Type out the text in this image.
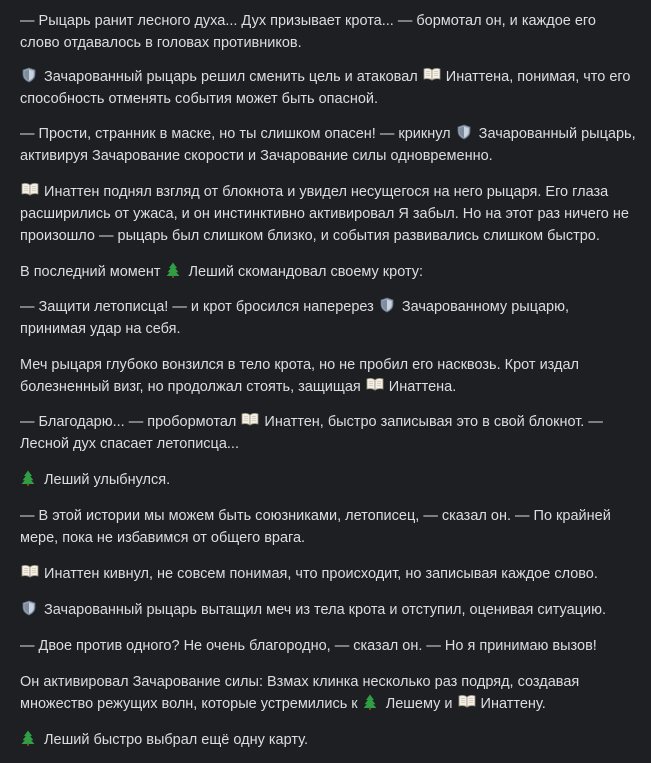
— Рыцарь ранит лесного духа... Дух призывает крота... — бормотал он, и каждое его слово отдавалось в головах противников.

Зачарованный рыцарь решил сменить цель и атаковал
Инаттена, понимая, что его способность отменять события может быть опасной.

— Прости, странник в маске, но ты слишком опасен! — крикнул
Зачарованный рыцарь, активируя Зачарование скорости и Зачарование силы одновременно.

Инаттен поднял взгляд от блокнота и увидел несущегося на него рыцаря. Его глаза расширились от ужаса, и он инстинктивно активировал Я забыл. Но на этот раз ничего не произошло — рыцарь был слишком близко, и события развивались слишком быстро.

В последний момент
Леший скомандовал своему кроту:

— Защити летописца! — и крот бросился наперерез
Зачарованному рыцарю, принимая удар на себя.

Меч рыцаря глубоко вонзился в тело крота, но не пробил его насквозь. Крот издал болезненный визг, но продолжал стоять, защищая
Инаттена.

— Благодарю... — пробормотал
Инаттен, быстро записывая это в свой блокнот. — Лесной дух спасает летописца...

Леший улыбнулся.

— В этой истории мы можем быть союзниками, летописец, — сказал он. — По крайней мере, пока не избавимся от общего врага.

Инаттен кивнул, не совсем понимая, что происходит, но записывая каждое слово.

Зачарованный рыцарь вытащил меч из тела крота и отступил, оценивая ситуацию.

— Двое против одного? Не очень благородно, — сказал он. — Но я принимаю вызов!

Он активировал Зачарование силы: Взмах клинка несколько раз подряд, создавая множество режущих волн, которые устремились к
Лешему и
Инаттену.

Леший быстро выбрал ещё одну карту.
